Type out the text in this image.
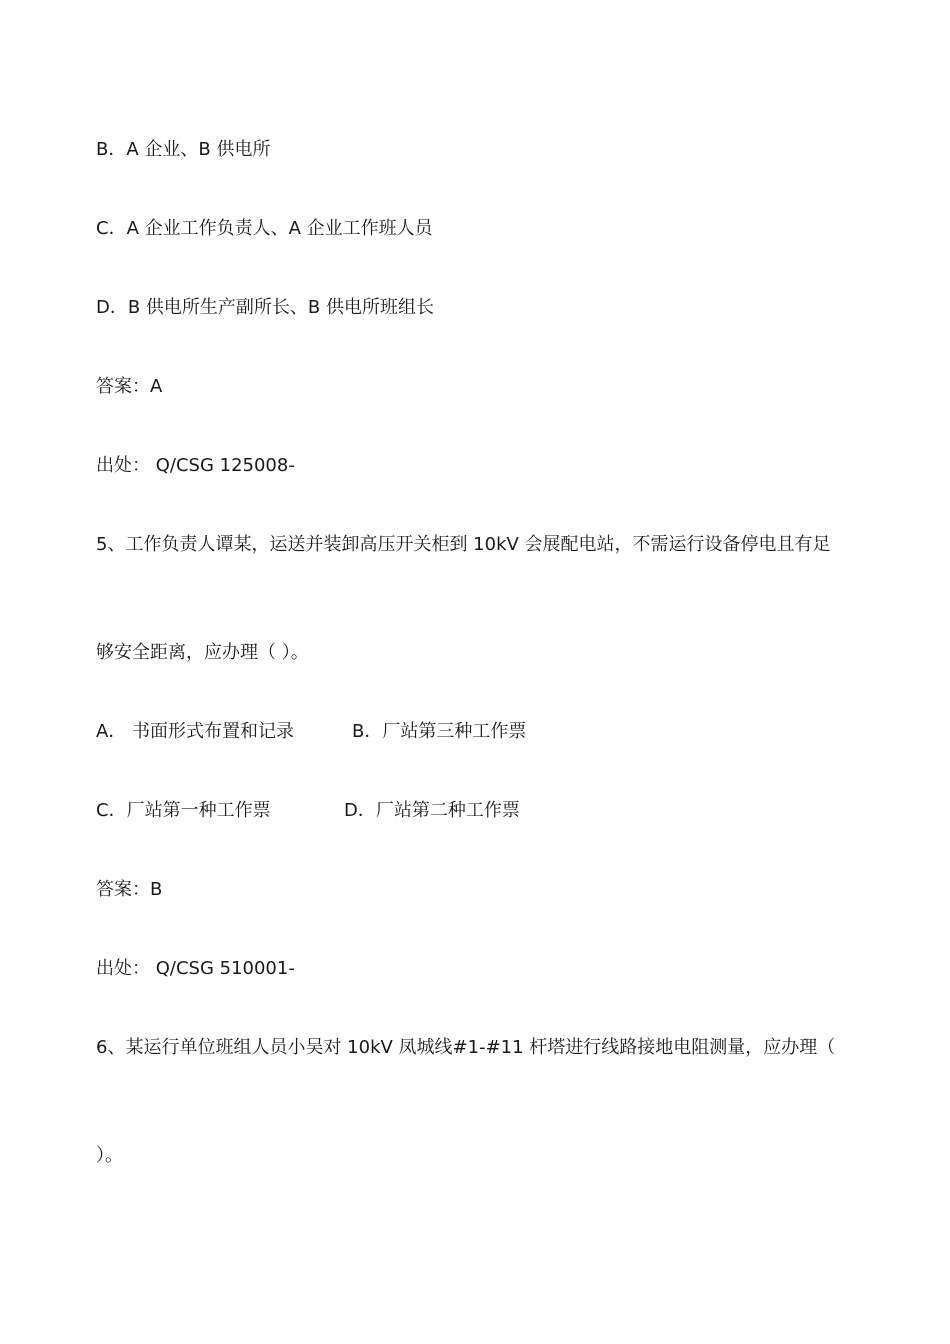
B．A 企业、B 供电所
C．A 企业工作负责人、A 企业工作班人员
D．B 供电所生产副所长、B 供电所班组长
答案：A
出处： Q/CSG 125008-
5、工作负责人谭某，运送并装卸高压开关柜到 10kV 会展配电站，不需运行设备停电且有足
够安全距离，应办理（ ）。
A． 书面形式布置和记录	B．厂站第三种工作票
C．厂站第一种工作票	D．厂站第二种工作票
答案：B
出处： Q/CSG 510001-
6、某运行单位班组人员小吴对 10kV 凤城线#1-#11 杆塔进行线路接地电阻测量，应办理（
）。
